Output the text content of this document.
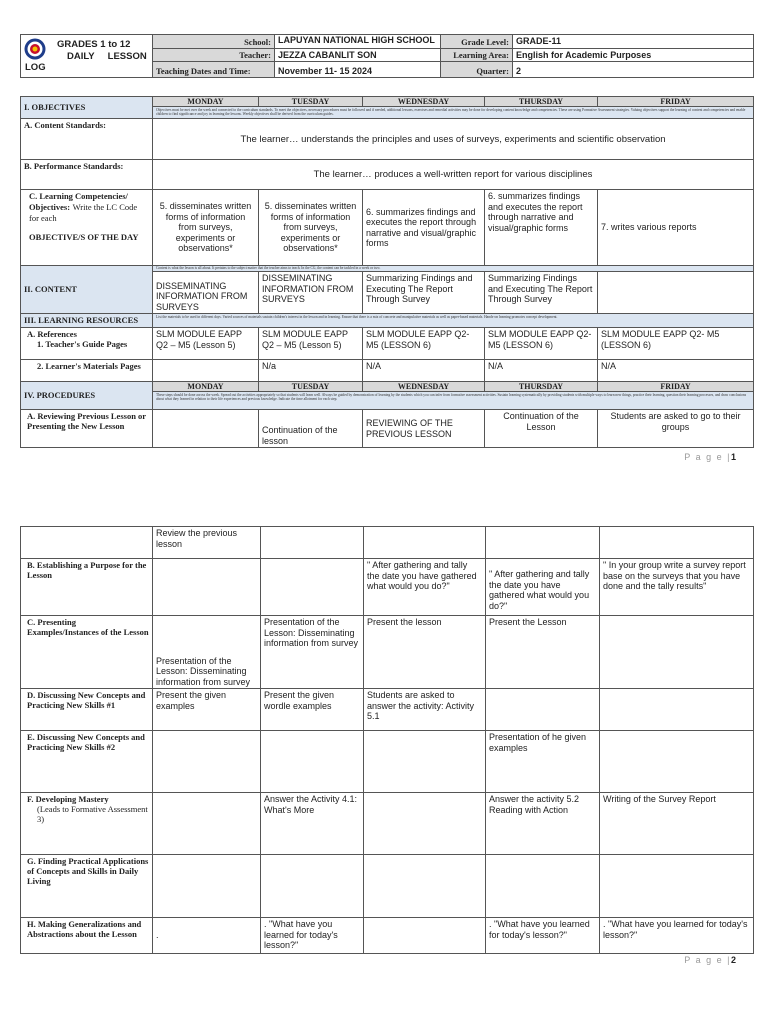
GRADES 1 to 12
DAILY     LESSON
LOG	School:	LAPUYAN NATIONAL HIGH SCHOOL	Grade Level:	GRADE-11
	Teacher:	JEZZA CABANLIT SON	Learning Area:	English for Academic Purposes
	Teaching Dates and Time:	November 11- 15 2024	Quarter:	2
I. OBJECTIVES	MONDAY	TUESDAY	WEDNESDAY	THURSDAY	FRIDAY
	Objectives must be met over the week and connected to the curriculum standards. To meet the objectives, necessary procedures must be followed and if needed, additional lessons, exercises and remedial activities may be done for developing content knowledge and competencies. These are using Formative Assessment strategies. Valuing objectives support the learning of content and competencies and enable children to find significance and joy in learning the lessons. Weekly objectives shall be derived from the curriculum guides.				
A. Content Standards:	The learner… understands the principles and uses of surveys, experiments and scientific observation				
B. Performance Standards:	The learner… produces a well-written report for various disciplines				
C. Learning Competencies/ Objectives: Write the LC Code for each
OBJECTIVE/S OF THE DAY	5. disseminates written forms of information from surveys, experiments or observations*	5. disseminates written forms of information from surveys, experiments or observations*	6. summarizes findings and executes the report through narrative and visual/graphic forms	6. summarizes findings and executes the report through narrative and visual/graphic forms	7. writes various reports
II. CONTENT	Content is what the lesson is all about. It pertains to the subject matter that the teacher aims to teach. In the CG, the content can be tackled in a week or two.				
	DISSEMINATING INFORMATION FROM SURVEYS	DISSEMINATING INFORMATION FROM SURVEYS	Summarizing Findings and Executing The Report Through Survey	Summarizing Findings and Executing The Report Through Survey	
III. LEARNING RESOURCES	List the materials to be used in different days. Varied sources of materials sustain children's interest in the lesson and in learning. Ensure that there is a mix of concrete and manipulative materials as well as paper-based materials. Hands-on learning promotes concept development.				

A. References
1. Teacher's Guide Pages	SLM MODULE EAPP Q2 – M5 (Lesson 5)	SLM MODULE EAPP Q2 – M5 (Lesson 5)	SLM MODULE EAPP Q2- M5 (LESSON 6)	SLM MODULE EAPP Q2- M5 (LESSON 6)	SLM MODULE EAPP Q2- M5 (LESSON 6)
2. Learner's Materials Pages		N/a	N/A	N/A	N/A
IV. PROCEDURES	MONDAY	TUESDAY	WEDNESDAY	THURSDAY	FRIDAY
	These steps should be done across the week. Spread out the activities appropriately so that students will learn well. Always be guided by demonstration of learning by the students which you can infer from formative assessment activities. Sustain learning systematically by providing students with multiple ways to learn new things, practice their learning, question their learning processes, and draw conclusions about what they learned in relation to their life experiences and previous knowledge. Indicate the time allotment for each step.				
A. Reviewing Previous Lesson or Presenting the New Lesson		Continuation of the lesson	REVIEWING OF THE PREVIOUS LESSON	Continuation of the Lesson	Students are asked to go to their groups
P a g e |1
	Review the previous lesson				
B. Establishing a Purpose for the Lesson			" After gathering and tally the date you have gathered what would you do?"	" After gathering and tally the date you have gathered what would you do?"	" In your group write a survey report base on the surveys that you have done and the tally results"
C. Presenting Examples/Instances of the Lesson	Presentation of the Lesson: Disseminating information from survey	Presentation of the Lesson: Disseminating information from survey	Present the lesson	Present the Lesson	
D. Discussing New Concepts and Practicing New Skills #1	Present the given examples	Present the given wordle examples	Students are asked to answer the activity: Activity 5.1		
E. Discussing New Concepts and Practicing New Skills #2				Presentation of he given examples	

F. Developing Mastery
(Leads to Formative Assessment 3)		Answer the Activity 4.1: What's More		Answer the activity 5.2 Reading with Action	Writing of the Survey Report
G. Finding Practical Applications of Concepts and Skills in Daily Living					
H. Making Generalizations and Abstractions about the Lesson	.	. "What have you learned for today's lesson?"		. "What have you learned for today's lesson?"	. "What have you learned for today's lesson?"
P a g e |2
